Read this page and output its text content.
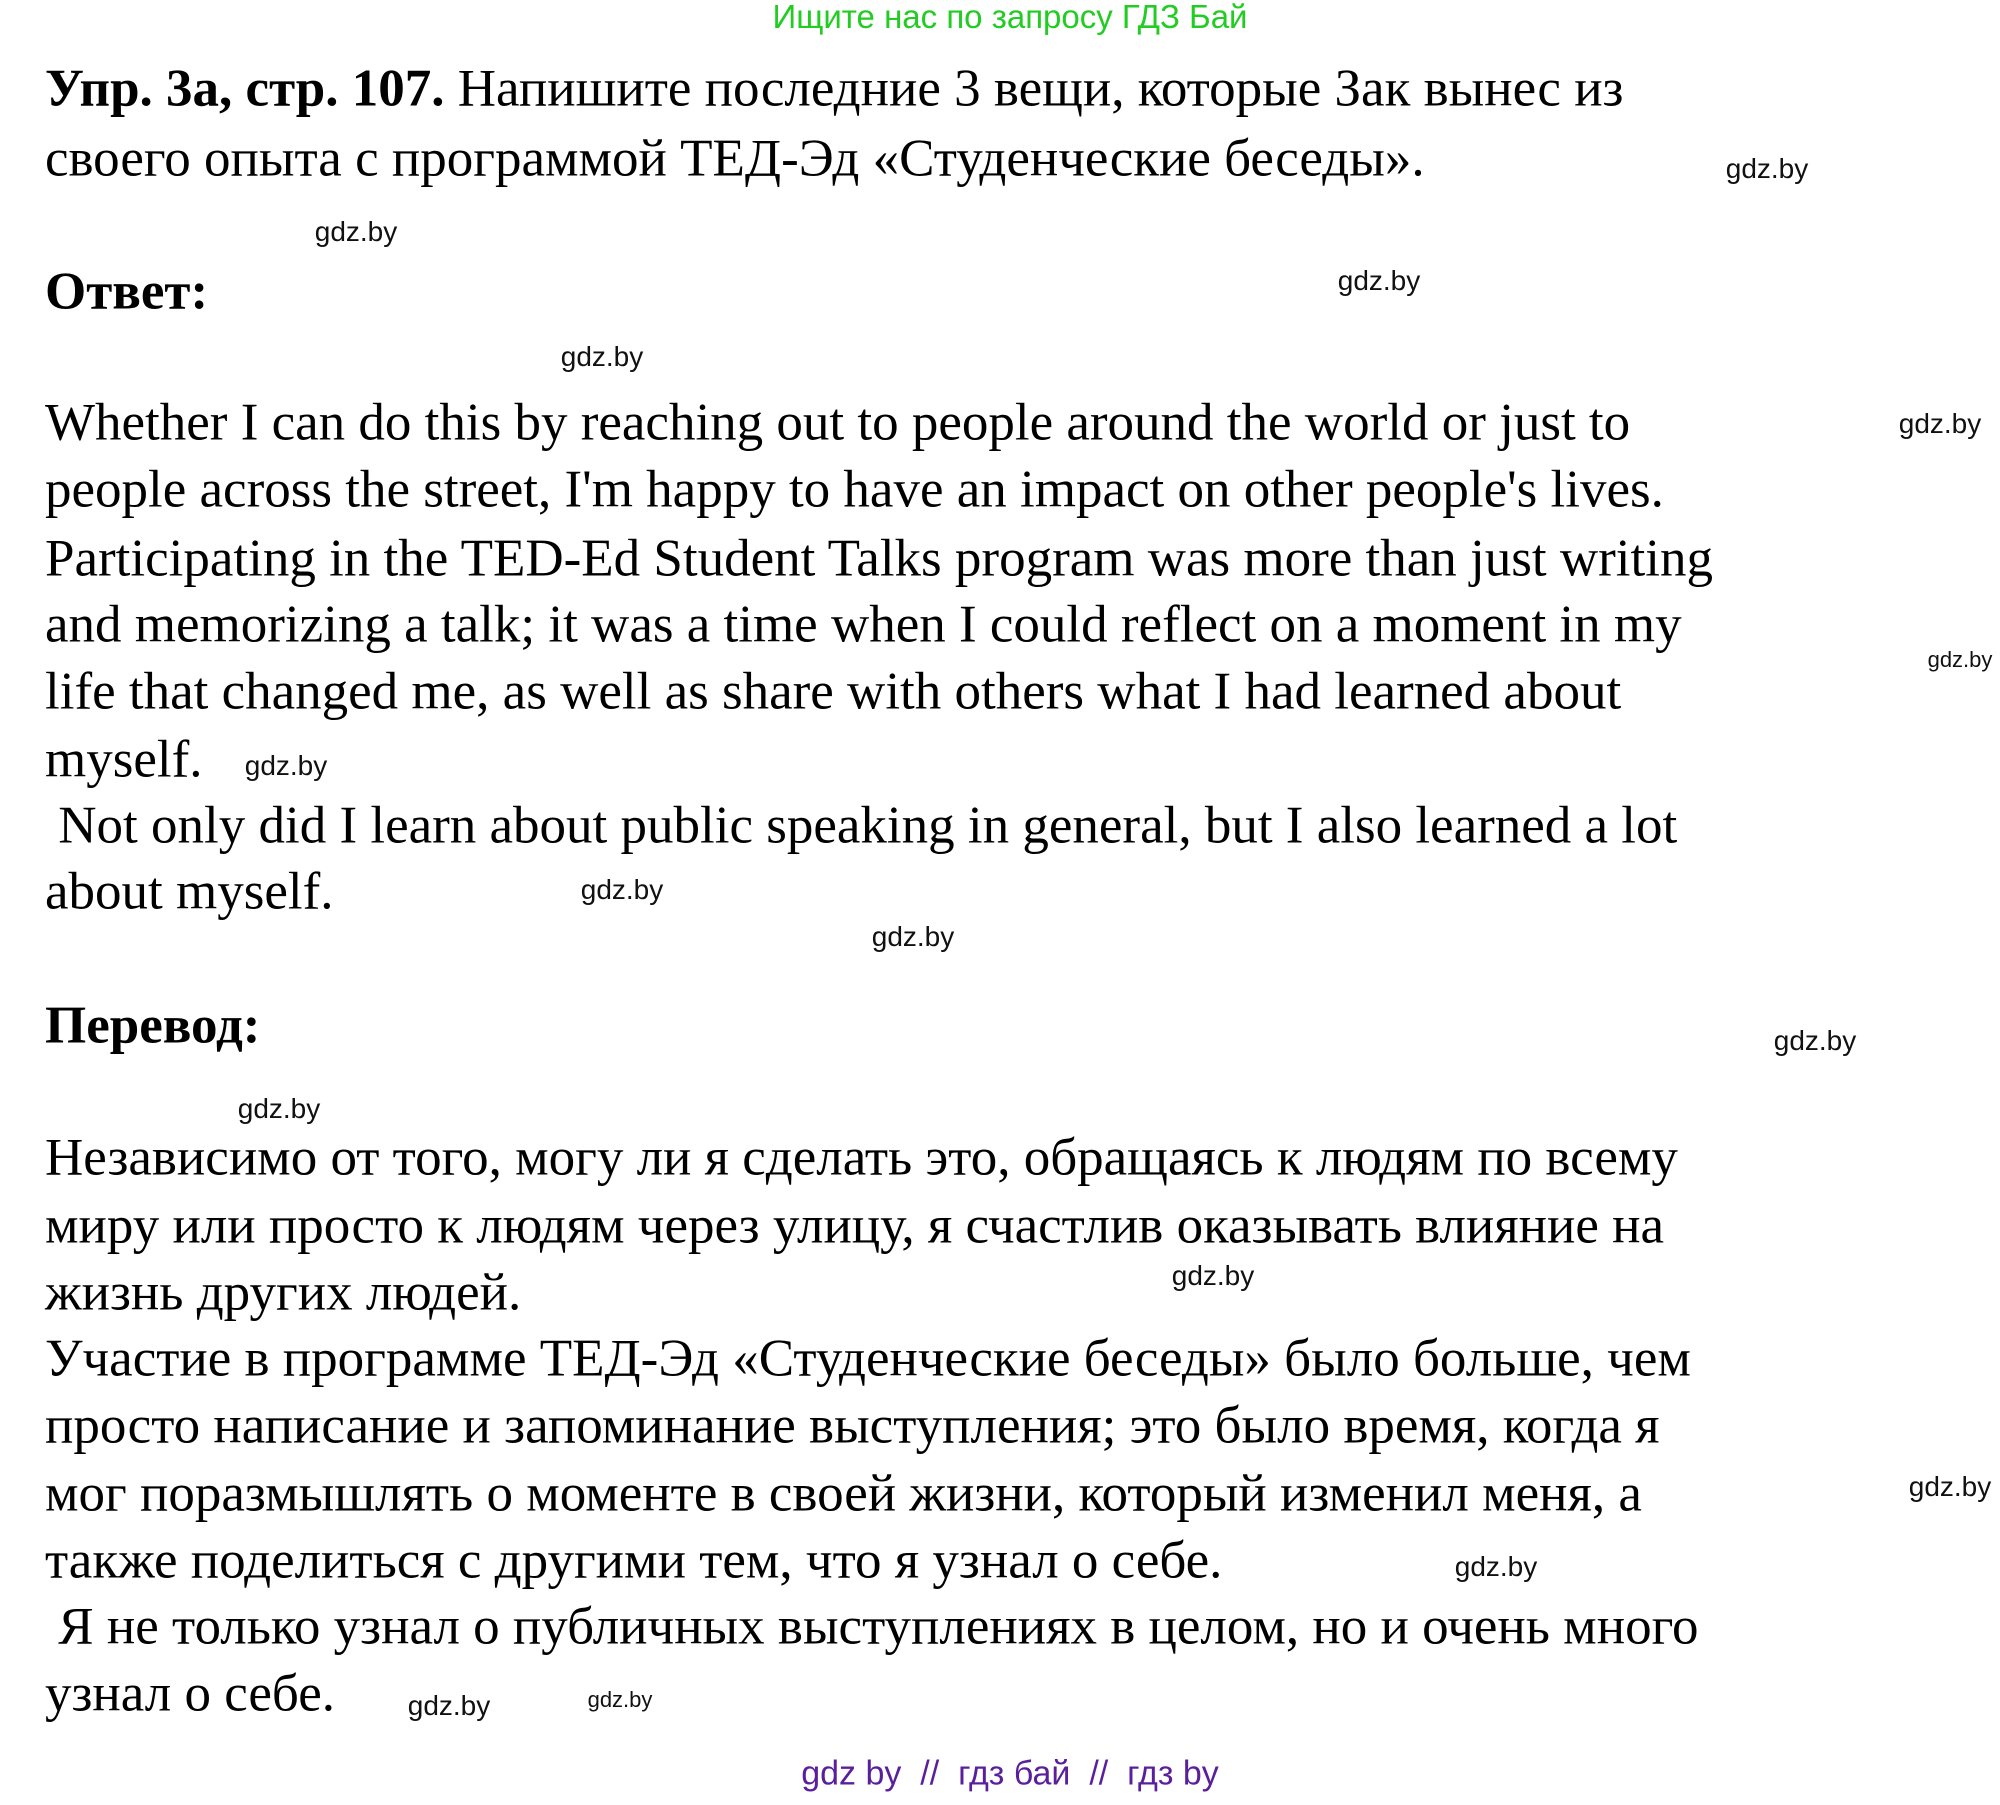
Ищите нас по запросу ГДЗ Бай
Упр. 3а, стр. 107. Напишите последние 3 вещи, которые Зак вынес из
своего опыта с программой ТЕД-Эд «Студенческие беседы».
Ответ:
Whether I can do this by reaching out to people around the world or just to
people across the street, I'm happy to have an impact on other people's lives.
Participating in the TED-Ed Student Talks program was more than just writing
and memorizing a talk; it was a time when I could reflect on a moment in my
life that changed me, as well as share with others what I had learned about
myself.
Not only did I learn about public speaking in general, but I also learned a lot
about myself.
Перевод:
Независимо от того, могу ли я сделать это, обращаясь к людям по всему
миру или просто к людям через улицу, я счастлив оказывать влияние на
жизнь других людей.
Участие в программе ТЕД-Эд «Студенческие беседы» было больше, чем
просто написание и запоминание выступления; это было время, когда я
мог поразмышлять о моменте в своей жизни, который изменил меня, а
также поделиться с другими тем, что я узнал о себе.
Я не только узнал о публичных выступлениях в целом, но и очень много
узнал о себе.
gdz.by
gdz.by
gdz.by
gdz.by
gdz.by
gdz.by
gdz.by
gdz.by
gdz.by
gdz.by
gdz.by
gdz.by
gdz.by
gdz.by
gdz.by
gdz.by
gdz by  //  гдз бай  //  гдз by
